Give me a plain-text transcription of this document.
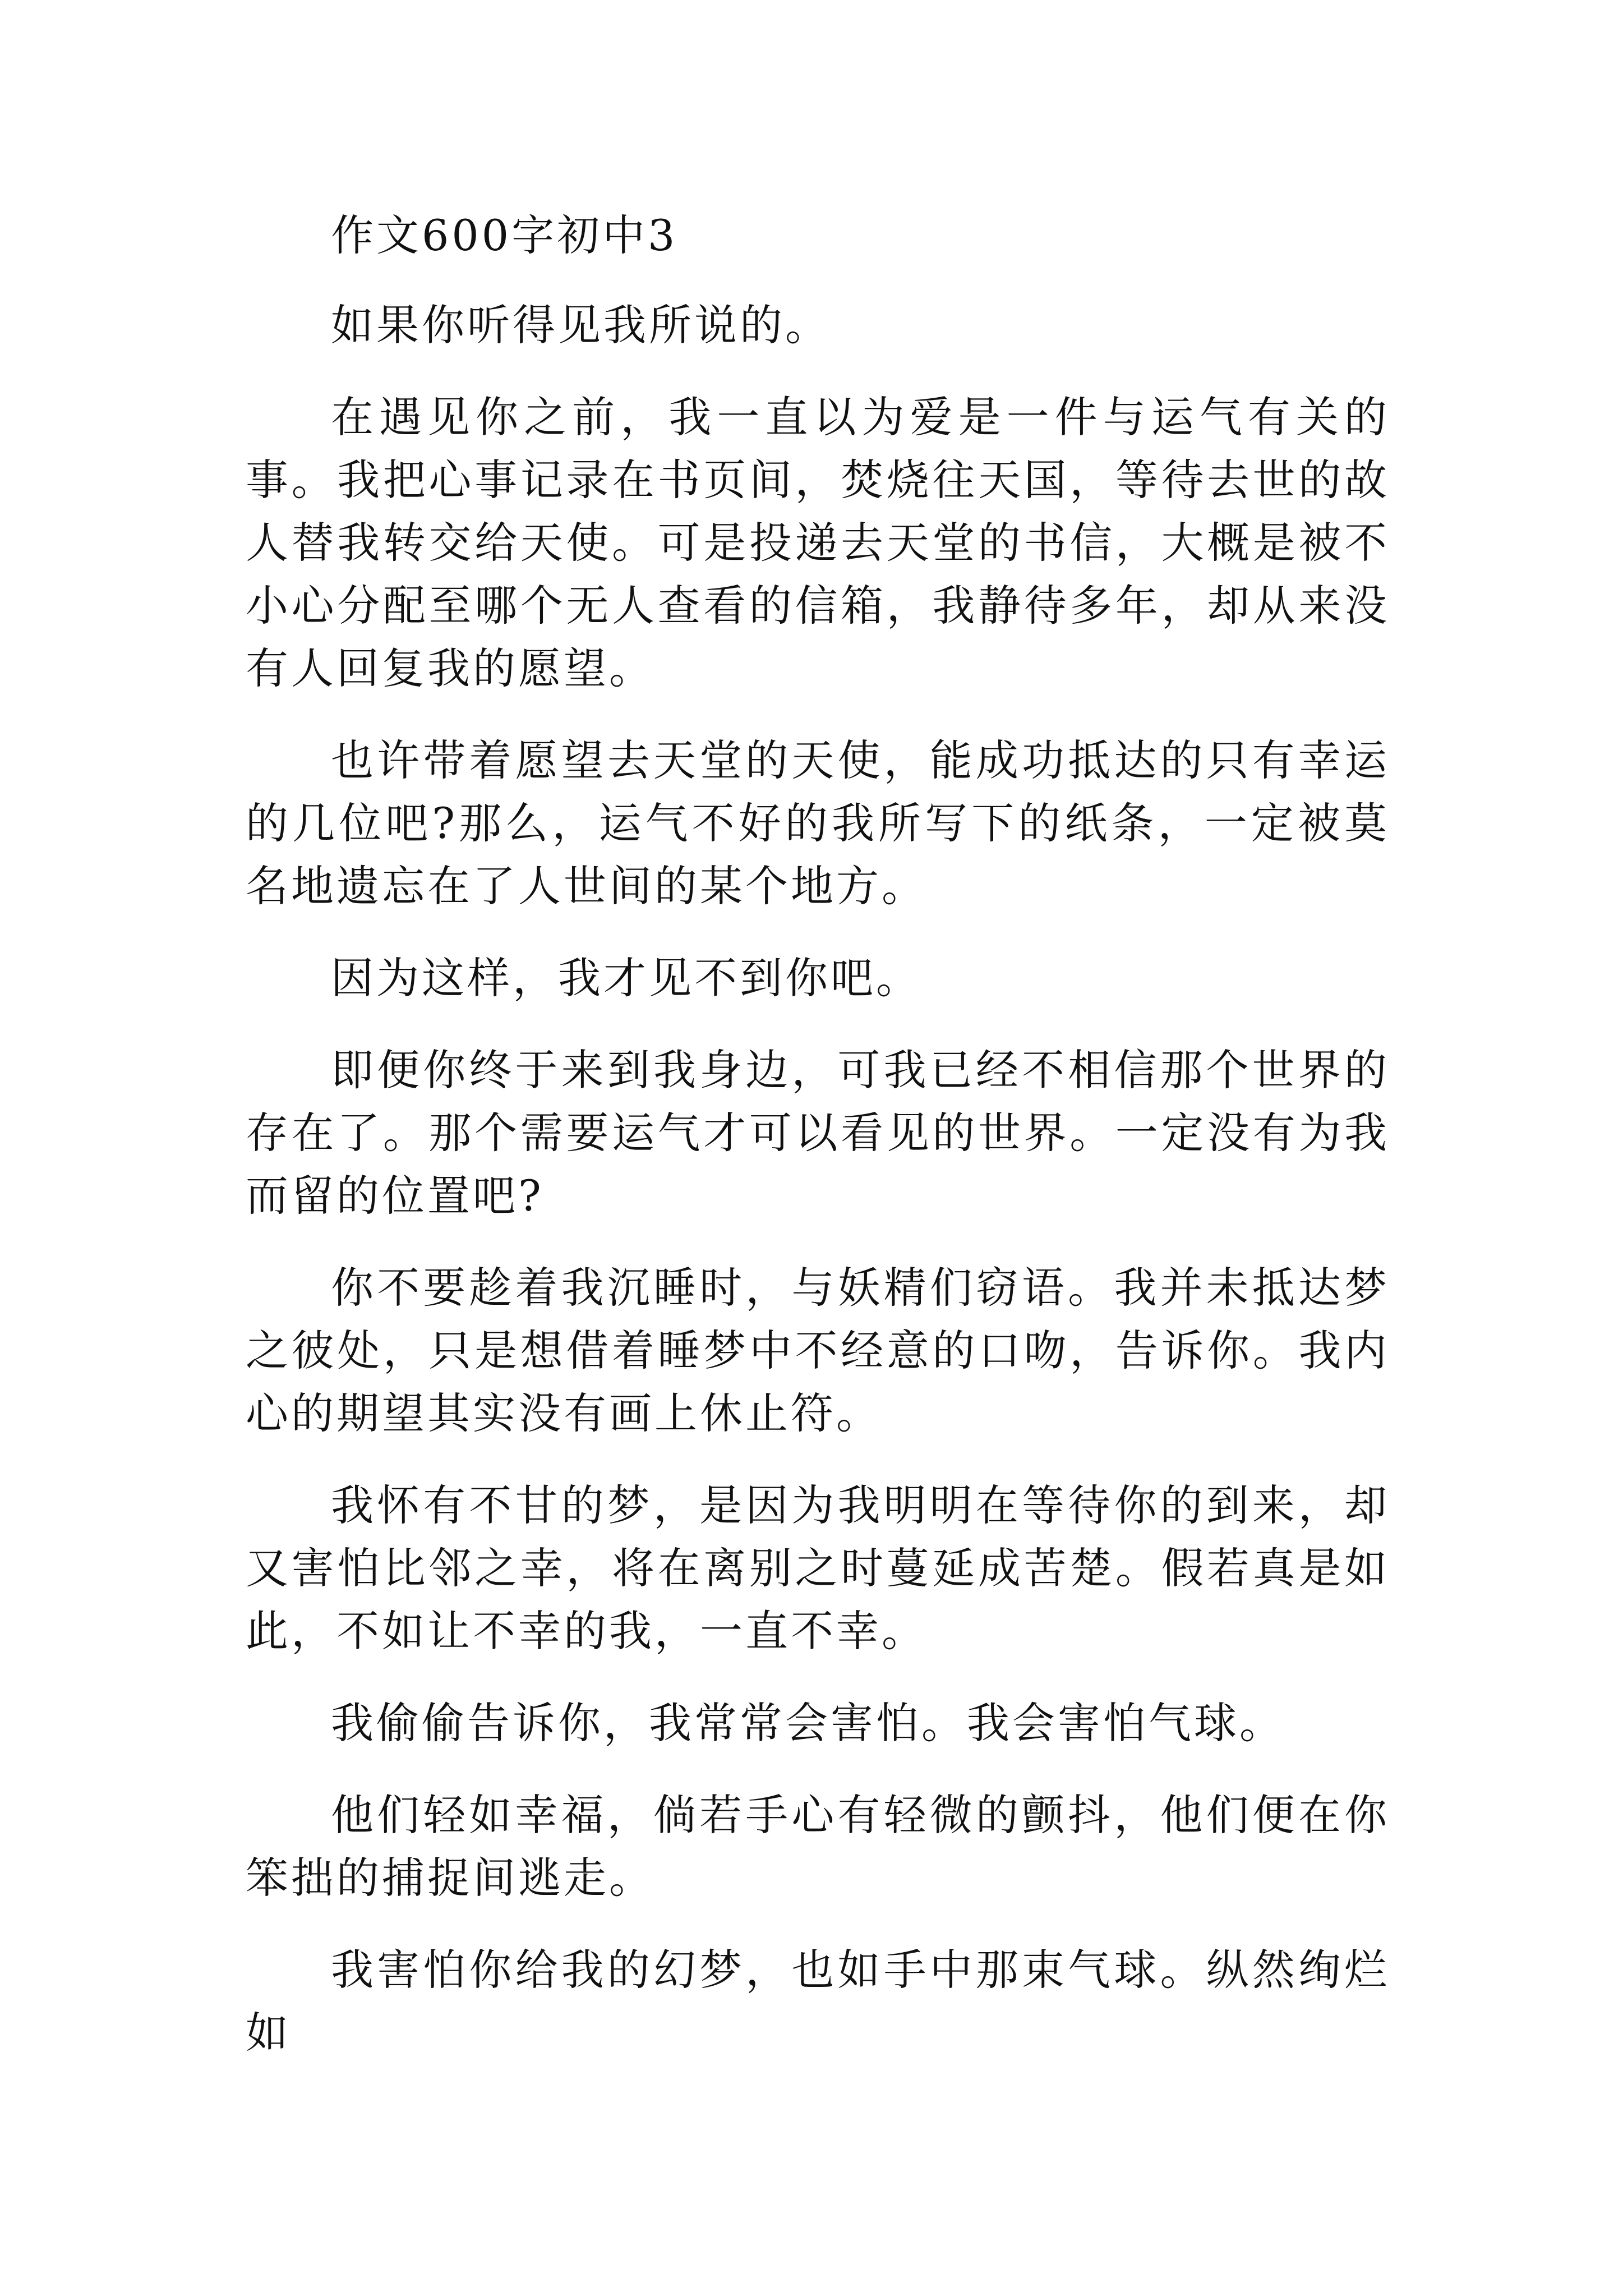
作文600字初中3

如果你听得见我所说的。

在遇见你之前，我一直以为爱是一件与运气有关的事。我把心事记录在书页间，焚烧往天国，等待去世的故人替我转交给天使。可是投递去天堂的书信，大概是被不小心分配至哪个无人查看的信箱，我静待多年，却从来没有人回复我的愿望。

也许带着愿望去天堂的天使，能成功抵达的只有幸运的几位吧?那么，运气不好的我所写下的纸条，一定被莫名地遗忘在了人世间的某个地方。

因为这样，我才见不到你吧。

即便你终于来到我身边，可我已经不相信那个世界的存在了。那个需要运气才可以看见的世界。一定没有为我而留的位置吧?

你不要趁着我沉睡时，与妖精们窃语。我并未抵达梦之彼处，只是想借着睡梦中不经意的口吻，告诉你。我内心的期望其实没有画上休止符。

我怀有不甘的梦，是因为我明明在等待你的到来，却又害怕比邻之幸，将在离别之时蔓延成苦楚。假若真是如此，不如让不幸的我，一直不幸。

我偷偷告诉你，我常常会害怕。我会害怕气球。

他们轻如幸福，倘若手心有轻微的颤抖，他们便在你笨拙的捕捉间逃走。

我害怕你给我的幻梦，也如手中那束气球。纵然绚烂如
